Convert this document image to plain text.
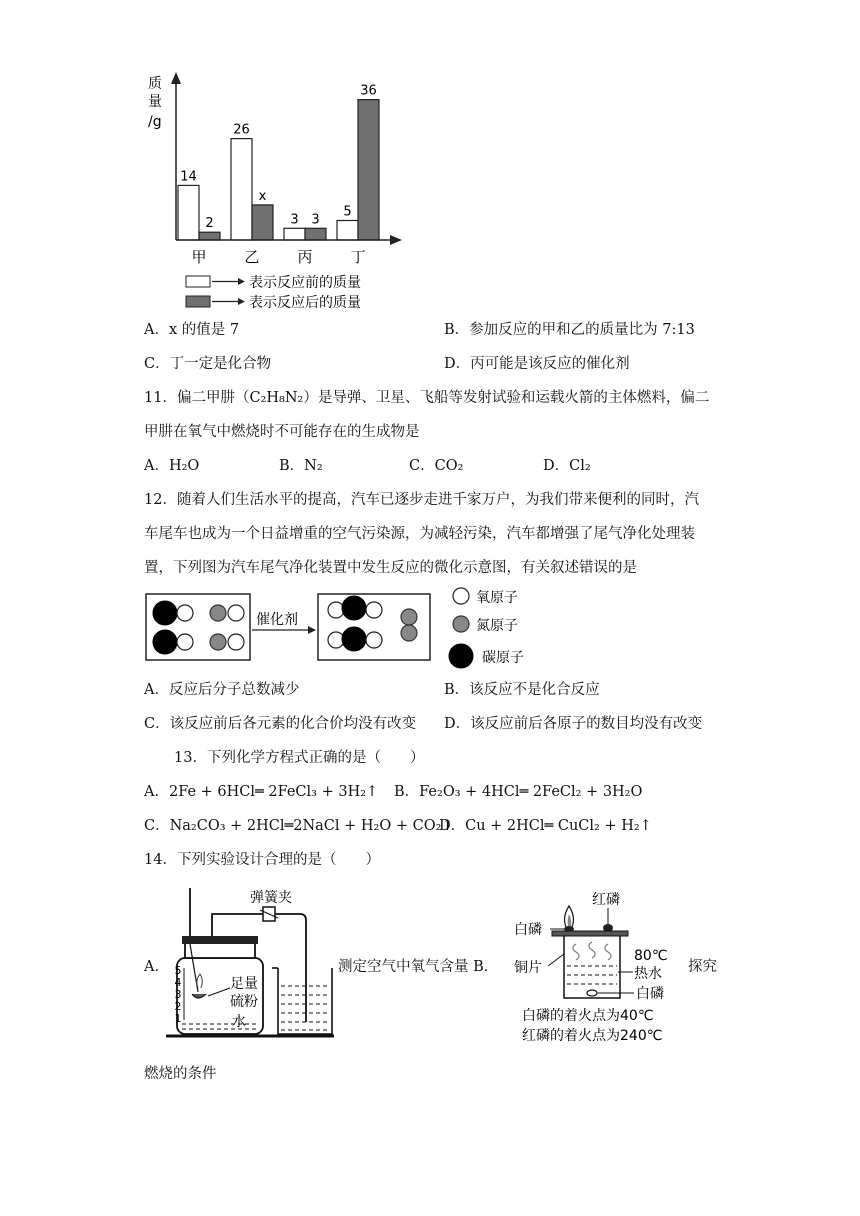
14
2
甲
26
x
乙
3 3
丙
5
36
丁
质
量
/g
表示反应前的质量
表示反应后的质量
A．x 的值是 7	B．参加反应的甲和乙的质量比为 7:13
C．丁一定是化合物	D．丙可能是该反应的催化剂
11．偏二甲肼（C₂H₈N₂）是导弹、卫星、飞船等发射试验和运载火箭的主体燃料，偏二
甲肼在氧气中燃烧时不可能存在的生成物是
A．H₂O	B．N₂	C．CO₂	D．Cl₂
12．随着人们生活水平的提高，汽车已逐步走进千家万户，为我们带来便利的同时，汽
车尾车也成为一个日益增重的空气污染源，为减轻污染，汽车都增强了尾气净化处理装
置，下列图为汽车尾气净化装置中发生反应的微化示意图，有关叙述错误的是
催化剂
氧原子
氮原子
碳原子
A．反应后分子总数减少	B．该反应不是化合反应
C．该反应前后各元素的化合价均没有改变 D．该反应前后各原子的数目均没有改变
13．下列化学方程式正确的是（　　）
A．2Fe + 6HCl═ 2FeCl₃ + 3H₂↑ B．Fe₂O₃ + 4HCl═ 2FeCl₂ + 3H₂O
C．Na₂CO₃ + 2HCl═2NaCl + H₂O + CO₂↑
D．Cu + 2HCl═ CuCl₂ + H₂↑
14．下列实验设计合理的是（　　）
A．
弹簧夹
5
4
3
2
1
足量
硫粉
水
测定空气中氧气含量 B．
红磷
白磷
铜片
80℃
热水
白磷
白磷的着火点为40℃
红磷的着火点为240℃
探究
燃烧的条件
